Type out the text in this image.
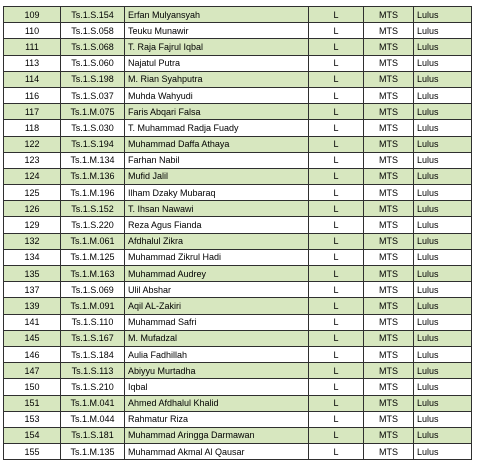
109	Ts.1.S.154	Erfan Mulyansyah	L	MTS	Lulus
110	Ts.1.S.058	Teuku Munawir	L	MTS	Lulus
111	Ts.1.S.068	T. Raja Fajrul Iqbal	L	MTS	Lulus
113	Ts.1.S.060	Najatul Putra	L	MTS	Lulus
114	Ts.1.S.198	M. Rian Syahputra	L	MTS	Lulus
116	Ts.1.S.037	Muhda Wahyudi	L	MTS	Lulus
117	Ts.1.M.075	Faris Abqari Falsa	L	MTS	Lulus
118	Ts.1.S.030	T. Muhammad Radja Fuady	L	MTS	Lulus
122	Ts.1.S.194	Muhammad Daffa Athaya	L	MTS	Lulus
123	Ts.1.M.134	Farhan Nabil	L	MTS	Lulus
124	Ts.1.M.136	Mufid Jalil	L	MTS	Lulus
125	Ts.1.M.196	Ilham Dzaky Mubaraq	L	MTS	Lulus
126	Ts.1.S.152	T. Ihsan Nawawi	L	MTS	Lulus
129	Ts.1.S.220	Reza Agus Fianda	L	MTS	Lulus
132	Ts.1.M.061	Afdhalul Zikra	L	MTS	Lulus
134	Ts.1.M.125	Muhammad Zikrul Hadi	L	MTS	Lulus
135	Ts.1.M.163	Muhammad Audrey	L	MTS	Lulus
137	Ts.1.S.069	Ulil Abshar	L	MTS	Lulus
139	Ts.1.M.091	Aqil AL-Zakiri	L	MTS	Lulus
141	Ts.1.S.110	Muhammad Safri	L	MTS	Lulus
145	Ts.1.S.167	M. Mufadzal	L	MTS	Lulus
146	Ts.1.S.184	Aulia Fadhillah	L	MTS	Lulus
147	Ts.1.S.113	Abiyyu Murtadha	L	MTS	Lulus
150	Ts.1.S.210	Iqbal	L	MTS	Lulus
151	Ts.1.M.041	Ahmed Afdhalul Khalid	L	MTS	Lulus
153	Ts.1.M.044	Rahmatur Riza	L	MTS	Lulus
154	Ts.1.S.181	Muhammad Aringga Darmawan	L	MTS	Lulus
155	Ts.1.M.135	Muhammad Akmal Al Qausar	L	MTS	Lulus
